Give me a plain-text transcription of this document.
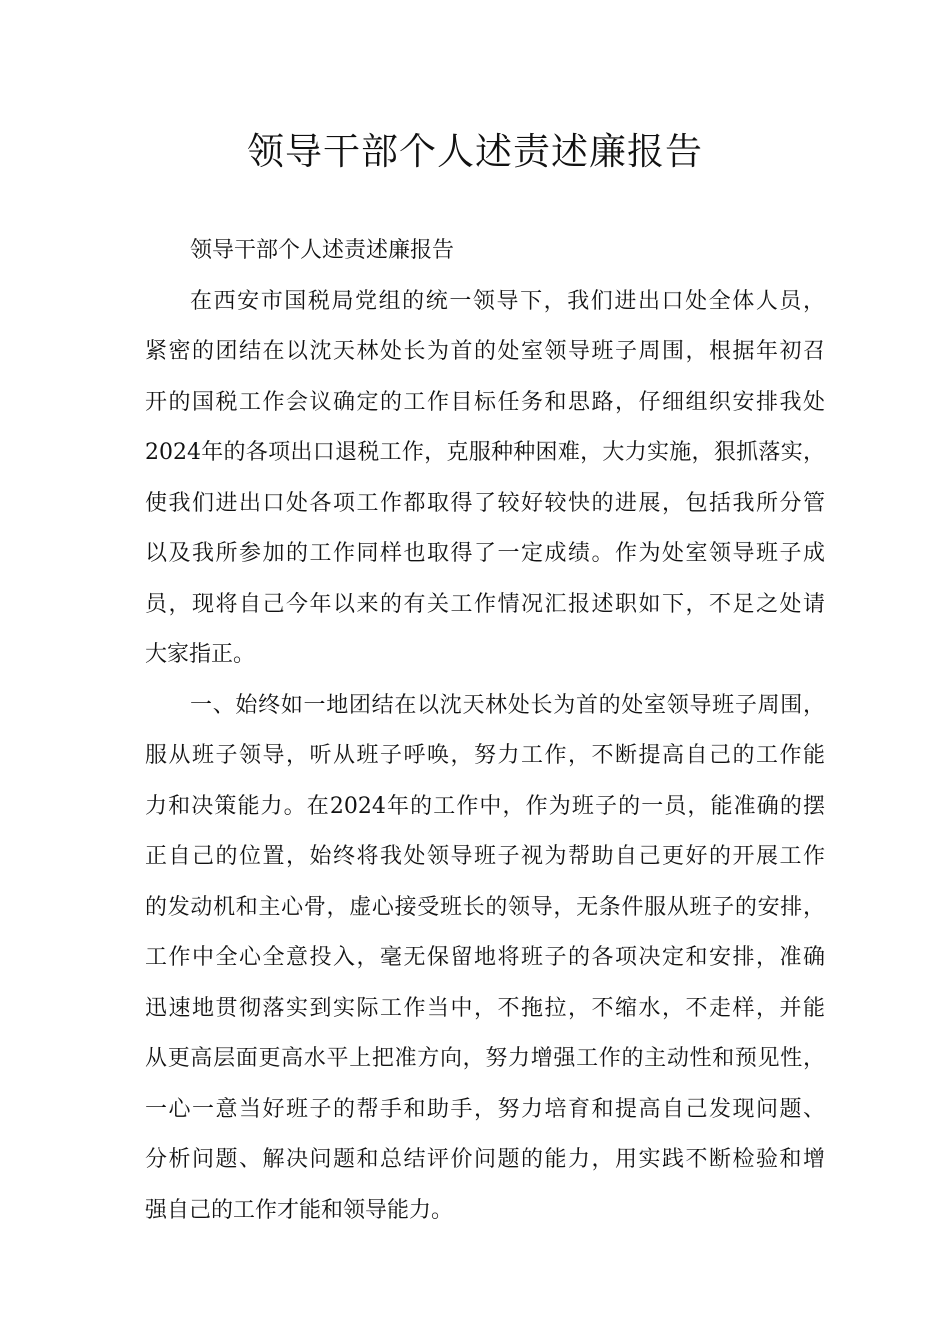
领导干部个人述责述廉报告
领导干部个人述责述廉报告
在西安市国税局党组的统一领导下，我们进出口处全体人员，
紧密的团结在以沈天林处长为首的处室领导班子周围，根据年初召
开的国税工作会议确定的工作目标任务和思路，仔细组织安排我处
2024年的各项出口退税工作，克服种种困难，大力实施，狠抓落实，
使我们进出口处各项工作都取得了较好较快的进展，包括我所分管
以及我所参加的工作同样也取得了一定成绩。作为处室领导班子成
员，现将自己今年以来的有关工作情况汇报述职如下，不足之处请
大家指正。
一、始终如一地团结在以沈天林处长为首的处室领导班子周围，
服从班子领导，听从班子呼唤，努力工作，不断提高自己的工作能
力和决策能力。在2024年的工作中，作为班子的一员，能准确的摆
正自己的位置，始终将我处领导班子视为帮助自己更好的开展工作
的发动机和主心骨，虚心接受班长的领导，无条件服从班子的安排，
工作中全心全意投入，毫无保留地将班子的各项决定和安排，准确
迅速地贯彻落实到实际工作当中，不拖拉，不缩水，不走样，并能
从更高层面更高水平上把准方向，努力增强工作的主动性和预见性，
一心一意当好班子的帮手和助手，努力培育和提高自己发现问题、
分析问题、解决问题和总结评价问题的能力，用实践不断检验和增
强自己的工作才能和领导能力。
